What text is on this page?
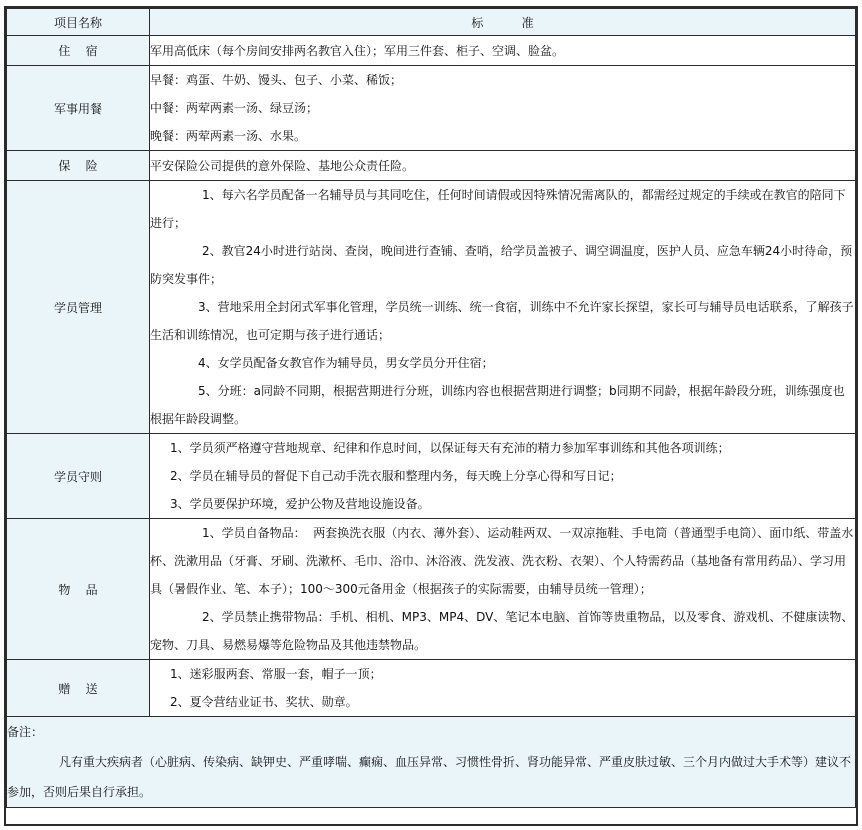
项目名称	标          准
住    宿	军用高低床（每个房间安排两名教官入住）；军用三件套、柜子、空调、脸盆。

军事用餐	早餐：鸡蛋、牛奶、馒头、包子、小菜、稀饭；
中餐：两荤两素一汤、绿豆汤；
晚餐：两荤两素一汤、水果。

保    险	平安保险公司提供的意外保险、基地公众责任险。

学员管理	1、每六名学员配备一名辅导员与其同吃住，任何时间请假或因特殊情况需离队的，都需经过规定的手续或在教官的陪同下进行；
2、教官24小时进行站岗、查岗，晚间进行查铺、查哨，给学员盖被子、调空调温度，医护人员、应急车辆24小时待命，预防突发事件；
3、营地采用全封闭式军事化管理，学员统一训练、统一食宿，训练中不允许家长探望，家长可与辅导员电话联系，了解孩子生活和训练情况，也可定期与孩子进行通话；
4、女学员配备女教官作为辅导员，男女学员分开住宿；
5、分班：a同龄不同期，根据营期进行分班，训练内容也根据营期进行调整；b同期不同龄，根据年龄段分班，训练强度也根据年龄段调整。

学员守则	1、学员须严格遵守营地规章、纪律和作息时间，以保证每天有充沛的精力参加军事训练和其他各项训练；
2、学员在辅导员的督促下自己动手洗衣服和整理内务，每天晚上分享心得和写日记；
3、学员要保护环境，爱护公物及营地设施设备。

物    品	1、学员自备物品：  两套换洗衣服（内衣、薄外套）、运动鞋两双、一双凉拖鞋、手电筒（普通型手电筒）、面巾纸、带盖水杯、洗漱用品（牙膏、牙刷、洗漱杯、毛巾、浴巾、沐浴液、洗发液、洗衣粉、衣架）、个人特需药品（基地备有常用药品）、学习用具（暑假作业、笔、本子）；100～300元备用金（根据孩子的实际需要，由辅导员统一管理）；
2、学员禁止携带物品：手机、相机、MP3、MP4、DV、笔记本电脑、首饰等贵重物品，以及零食、游戏机、不健康读物、宠物、刀具、易燃易爆等危险物品及其他违禁物品。

赠    送	1、迷彩服两套、常服一套，帽子一顶；
2、夏令营结业证书、奖状、勋章。

备注：
凡有重大疾病者（心脏病、传染病、缺钾史、严重哮喘、癫痫、血压异常、习惯性骨折、肾功能异常、严重皮肤过敏、三个月内做过大手术等）建议不参加，否则后果自行承担。	
